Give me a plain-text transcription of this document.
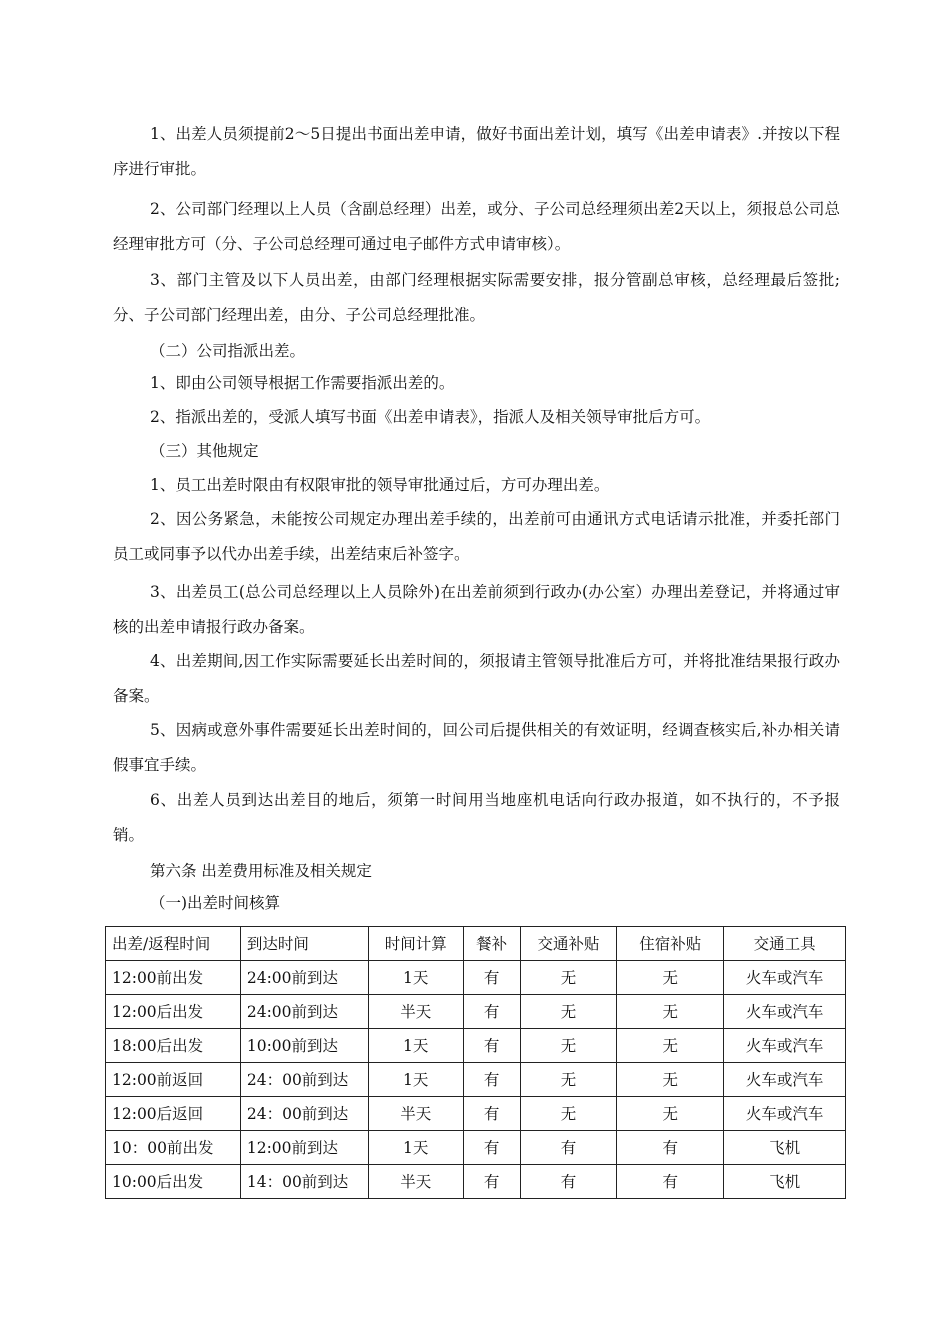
1、出差人员须提前2～5日提出书面出差申请，做好书面出差计划，填写《出差申请表》.并按以下程序进行审批。
2、公司部门经理以上人员（含副总经理）出差，或分、子公司总经理须出差2天以上，须报总公司总经理审批方可（分、子公司总经理可通过电子邮件方式申请审核）。
3、部门主管及以下人员出差，由部门经理根据实际需要安排，报分管副总审核，总经理最后签批;分、子公司部门经理出差，由分、子公司总经理批准。
（二）公司指派出差。
1、即由公司领导根据工作需要指派出差的。
2、指派出差的，受派人填写书面《出差申请表》，指派人及相关领导审批后方可。
（三）其他规定
1、员工出差时限由有权限审批的领导审批通过后，方可办理出差。
2、因公务紧急，未能按公司规定办理出差手续的，出差前可由通讯方式电话请示批准，并委托部门员工或同事予以代办出差手续，出差结束后补签字。
3、出差员工(总公司总经理以上人员除外)在出差前须到行政办(办公室）办理出差登记，并将通过审核的出差申请报行政办备案。
4、出差期间,因工作实际需要延长出差时间的，须报请主管领导批准后方可，并将批准结果报行政办备案。
5、因病或意外事件需要延长出差时间的，回公司后提供相关的有效证明，经调查核实后,补办相关请假事宜手续。
6、出差人员到达出差目的地后，须第一时间用当地座机电话向行政办报道，如不执行的，不予报销。
第六条 出差费用标准及相关规定
（一)出差时间核算
出差/返程时间	到达时间	时间计算	餐补	交通补贴	住宿补贴	交通工具
12:00前出发	24:00前到达	1天	有	无	无	火车或汽车
12:00后出发	24:00前到达	半天	有	无	无	火车或汽车
18:00后出发	10:00前到达	1天	有	无	无	火车或汽车
12:00前返回	24：00前到达	1天	有	无	无	火车或汽车
12:00后返回	24：00前到达	半天	有	无	无	火车或汽车
10：00前出发	12:00前到达	1天	有	有	有	飞机
10:00后出发	14：00前到达	半天	有	有	有	飞机
